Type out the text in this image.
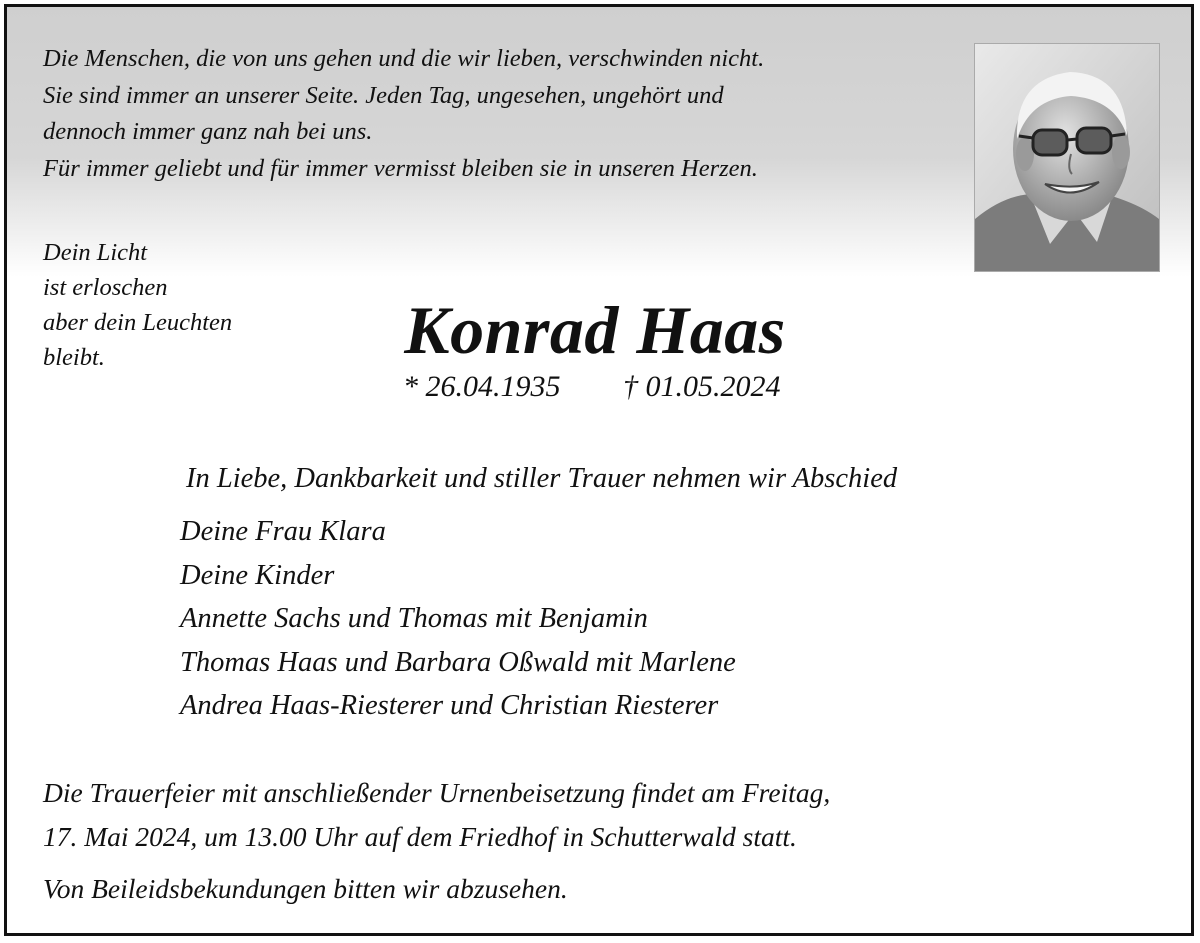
Die Menschen, die von uns gehen und die wir lieben, verschwinden nicht.
Sie sind immer an unserer Seite. Jeden Tag, ungesehen, ungehört und
dennoch immer ganz nah bei uns.
Für immer geliebt und für immer vermisst bleiben sie in unseren Herzen.
Dein Licht
ist erloschen
aber dein Leuchten
bleibt.	Konrad Haas
* 26.04.1935 † 01.05.2024
In Liebe, Dankbarkeit und stiller Trauer nehmen wir Abschied
Deine Frau Klara
Deine Kinder
Annette Sachs und Thomas mit Benjamin
Thomas Haas und Barbara Oßwald mit Marlene
Andrea Haas-Riesterer und Christian Riesterer
Die Trauerfeier mit anschließender Urnenbeisetzung findet am Freitag,
17. Mai 2024, um 13.00 Uhr auf dem Friedhof in Schutterwald statt.
Von Beileidsbekundungen bitten wir abzusehen.
